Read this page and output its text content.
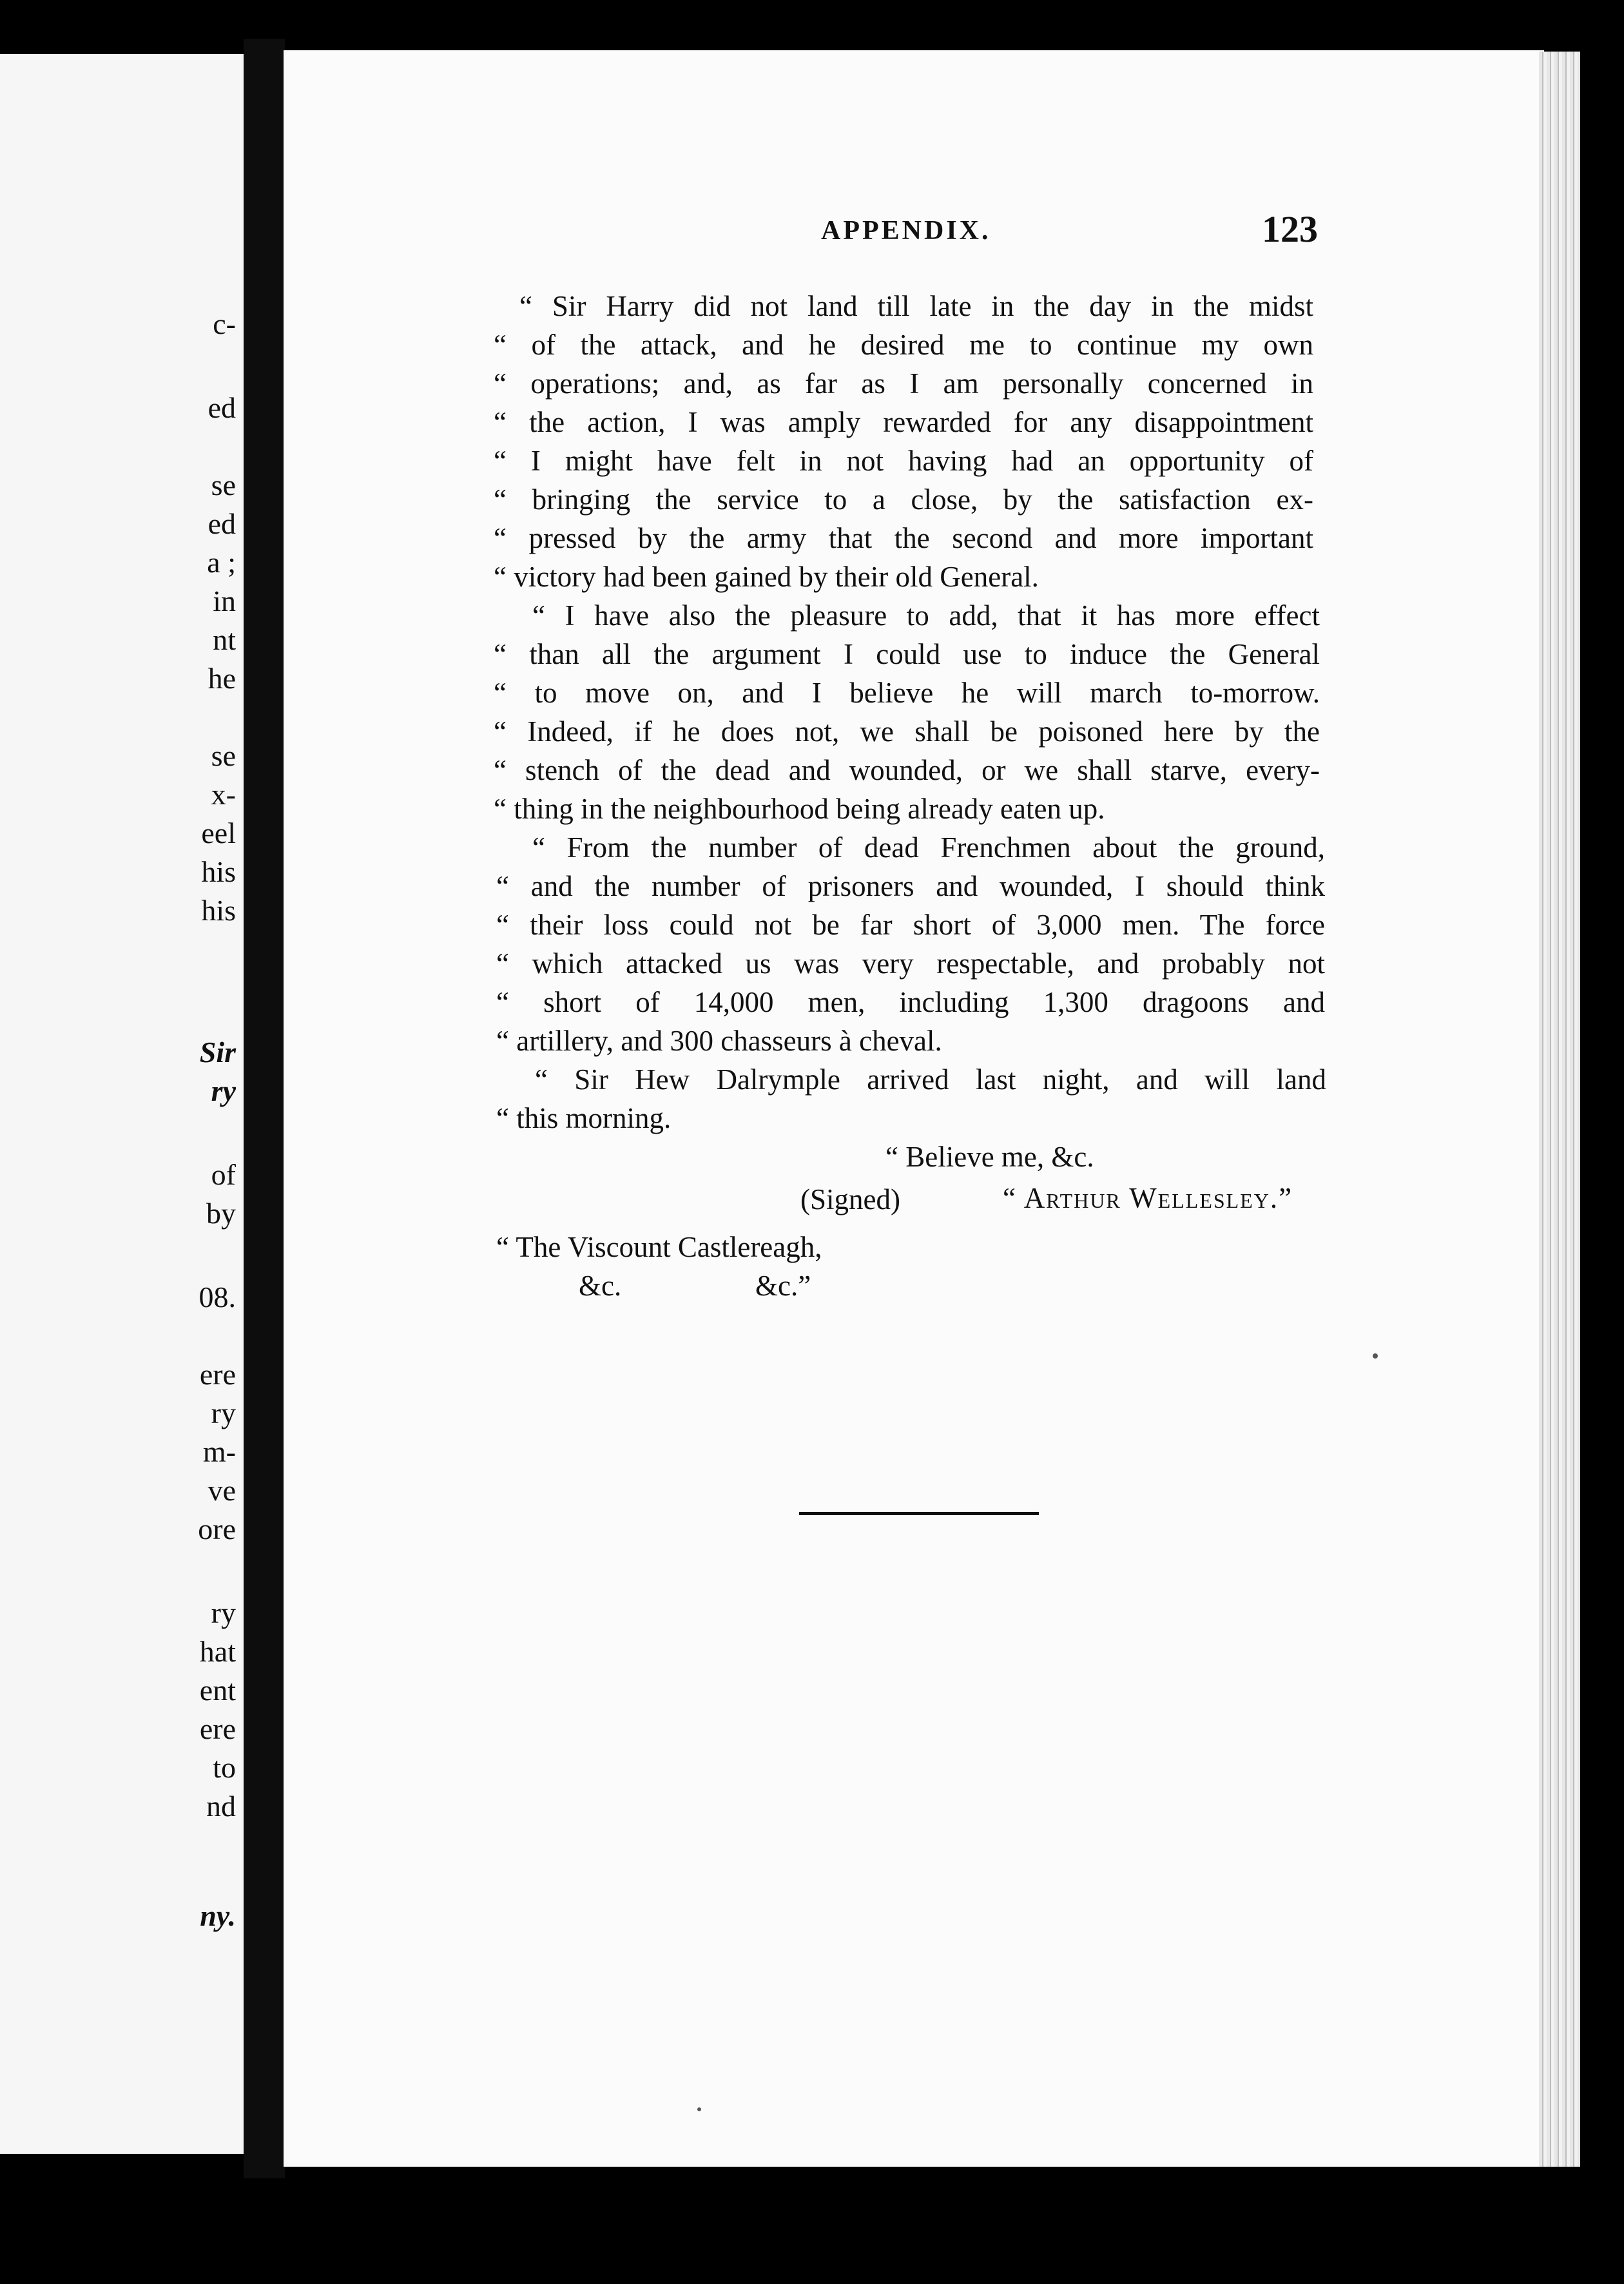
c-
ed
se
ed
a ;
in
nt
he
se
x-
eel
his
his
Sir
ry
of
by
08.
ere
ry
m-
ve
ore
ry
hat
ent
ere
to
nd
ny.
APPENDIX.	123
“ Sir Harry did not land till late in the day in the midst
“ of the attack, and he desired me to continue my own
“ operations; and, as far as I am personally concerned in
“ the action, I was amply rewarded for any disappointment
“ I might have felt in not having had an opportunity of
“ bringing the service to a close, by the satisfaction ex-
“ pressed by the army that the second and more important
“ victory had been gained by their old General.
“ I have also the pleasure to add, that it has more effect
“ than all the argument I could use to induce the General
“ to move on, and I believe he will march to-morrow.
“ Indeed, if he does not, we shall be poisoned here by the
“ stench of the dead and wounded, or we shall starve, every-
“ thing in the neighbourhood being already eaten up.
“ From the number of dead Frenchmen about the ground,
“ and the number of prisoners and wounded, I should think
“ their loss could not be far short of 3,000 men. The force
“ which attacked us was very respectable, and probably not
“ short of 14,000 men, including 1,300 dragoons and
“ artillery, and 300 chasseurs à cheval.
“ Sir Hew Dalrymple arrived last night, and will land
“ this morning.
“ Believe me, &c.
(Signed)	“ Arthur Wellesley.”
“ The Viscount Castlereagh,
&c.	&c.”
